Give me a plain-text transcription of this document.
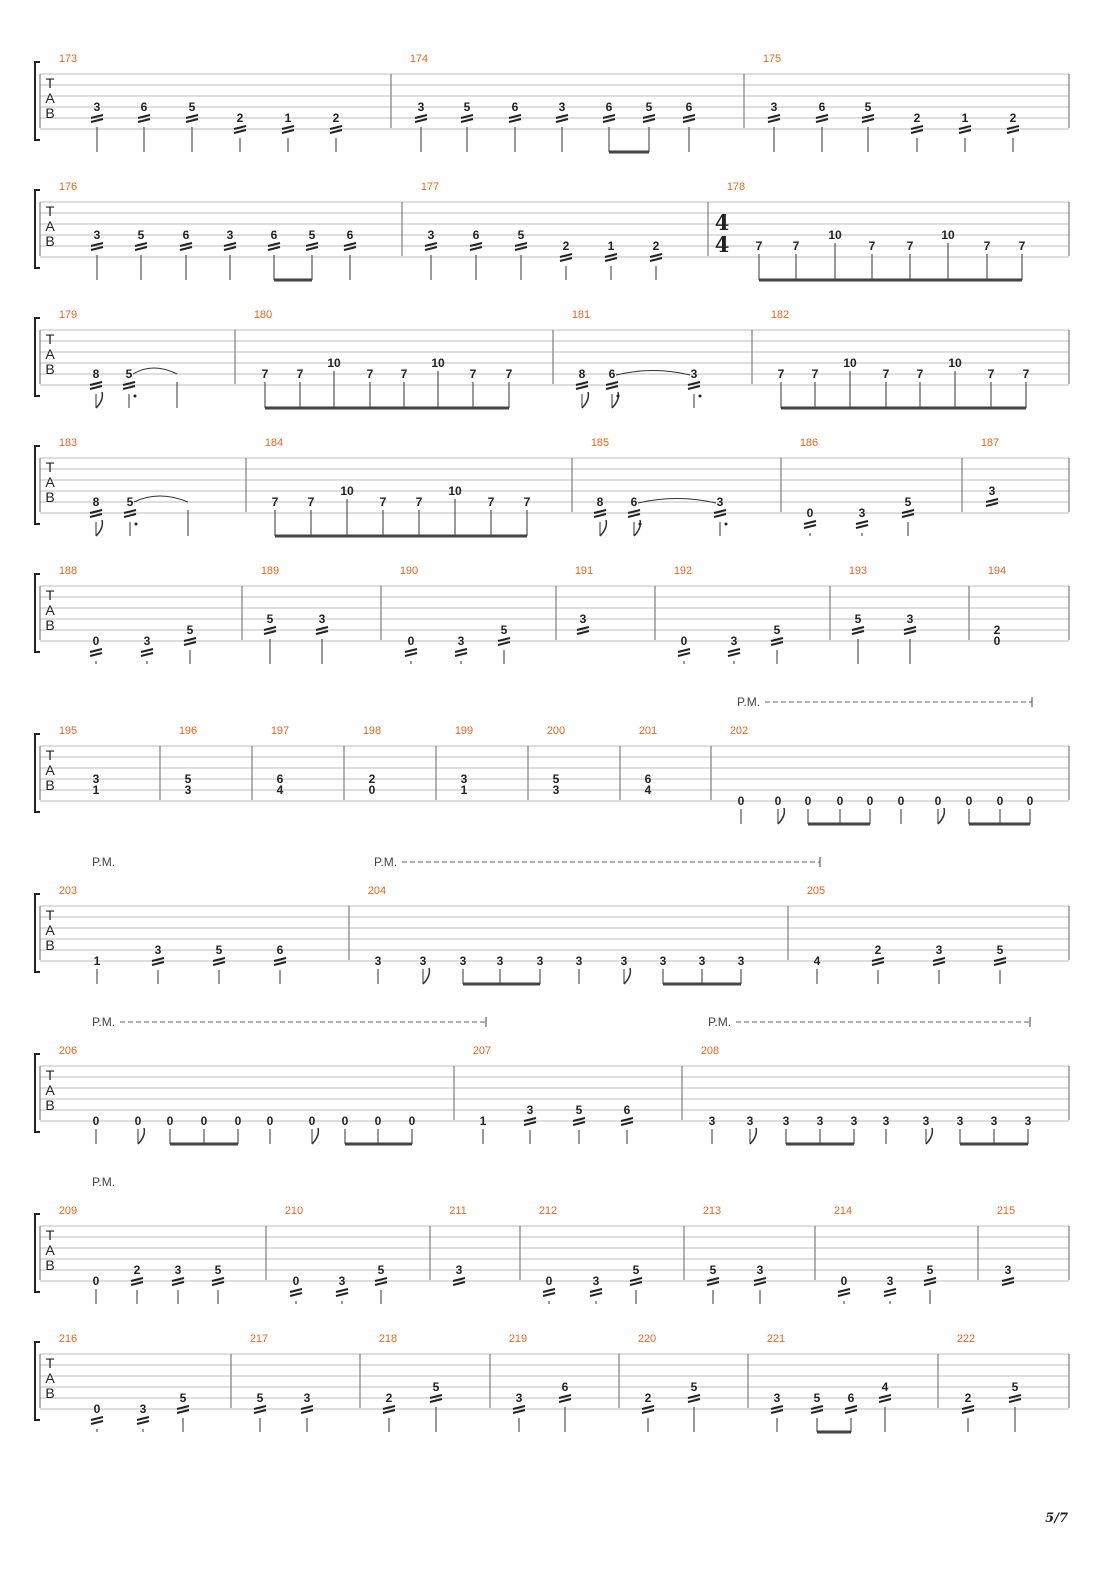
5/7
T
A
B
173
3	6	5
2	1	2
174
3	5	6	3	6	5	6
175
3	6	5
2	1	2
T
A
B
176
3	5	6	3	6	5	6
177
3	6	5
2	1	2
178
4
4 7	7
10
7	7
10
7 7
T
A
B
179
8 5
180
7 7
10
7 7
10
7 7
181
8 6	3
182
7 7
10
7 7
10
7 7
T
A
B
183
8 5
184
7 7
10
7 7
10
7 7
185
8 6	3
186
0	3
5
187
3
T
A
B
188
0	3
5
189
5	3
190
0	3
5
191
3
192
0	3
5
193
5	3
194
2
0
T
A
B
P.M.
195
3
1
196
5
3
197
6
4
198
2
0
199
3
1
200
5
3
201
6
4
202
0	0 0 0 0 0	0 0 0 0
T
A
B
P.M.	P.M.
203
1
3	5	6
204
3	3	3	3	3	3	3	3	3	3
205
4
2	3	5
T
A
B
P.M.	P.M.
206
0	0 0 0 0 0	0 0 0 0
207
1
3	5	6
208
3	3 3 3 3 3	3 3 3 3
T
A
B
P.M.
209
0
2	3	5
210
0	3
5
211
3
212
0	3
5
213
5	3
214
0	3
5
215
3
T
A
B
216
0	3
5
217
5	3
218
2
5
219
3
6
220
2
5
221
3	5 6
4
222
2
5
